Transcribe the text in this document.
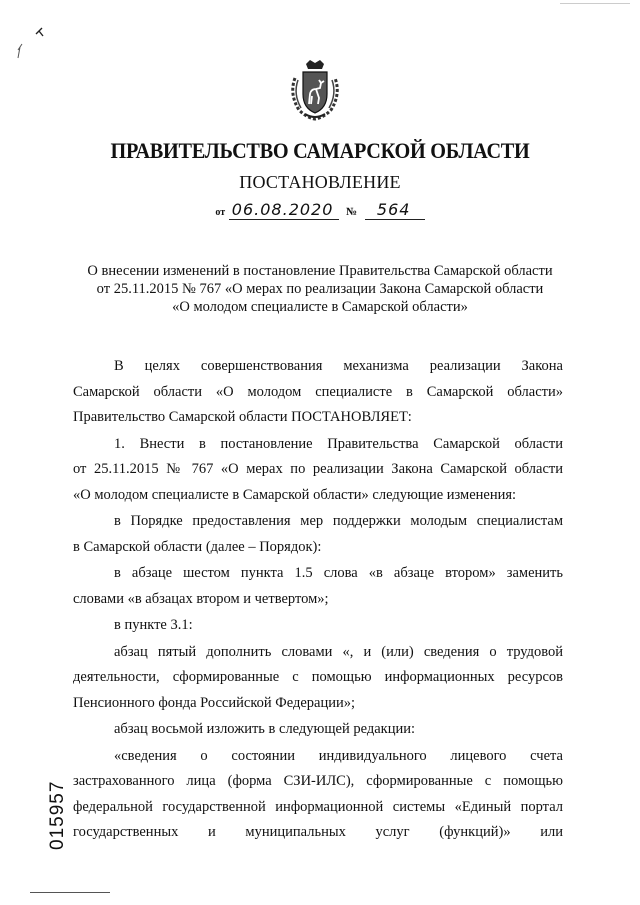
ПРАВИТЕЛЬСТВО САМАРСКОЙ ОБЛАСТИ
ПОСТАНОВЛЕНИЕ
от 06.08.2020 № 564
О внесении изменений в постановление Правительства Самарской области
от 25.11.2015 № 767 «О мерах по реализации Закона Самарской области
«О молодом специалисте в Самарской области»

В целях совершенствования механизма реализации Закона
Самарской области «О молодом специалисте в Самарской области»
Правительство Самарской области ПОСТАНОВЛЯЕТ:

1. Внести в постановление Правительства Самарской области
от 25.11.2015 № 767 «О мерах по реализации Закона Самарской области
«О молодом специалисте в Самарской области» следующие изменения:

в Порядке предоставления мер поддержки молодым специалистам
в Самарской области (далее – Порядок):

в абзаце шестом пункта 1.5 слова «в абзаце втором» заменить
словами «в абзацах втором и четвертом»;

в пункте 3.1:

абзац пятый дополнить словами «, и (или) сведения о трудовой
деятельности, сформированные с помощью информационных ресурсов
Пенсионного фонда Российской Федерации»;

абзац восьмой изложить в следующей редакции:

«сведения о состоянии индивидуального лицевого счета
застрахованного лица (форма СЗИ-ИЛС), сформированные с помощью
федеральной государственной информационной системы «Единый портал
государственных и муниципальных услуг (функций)» или

015957
